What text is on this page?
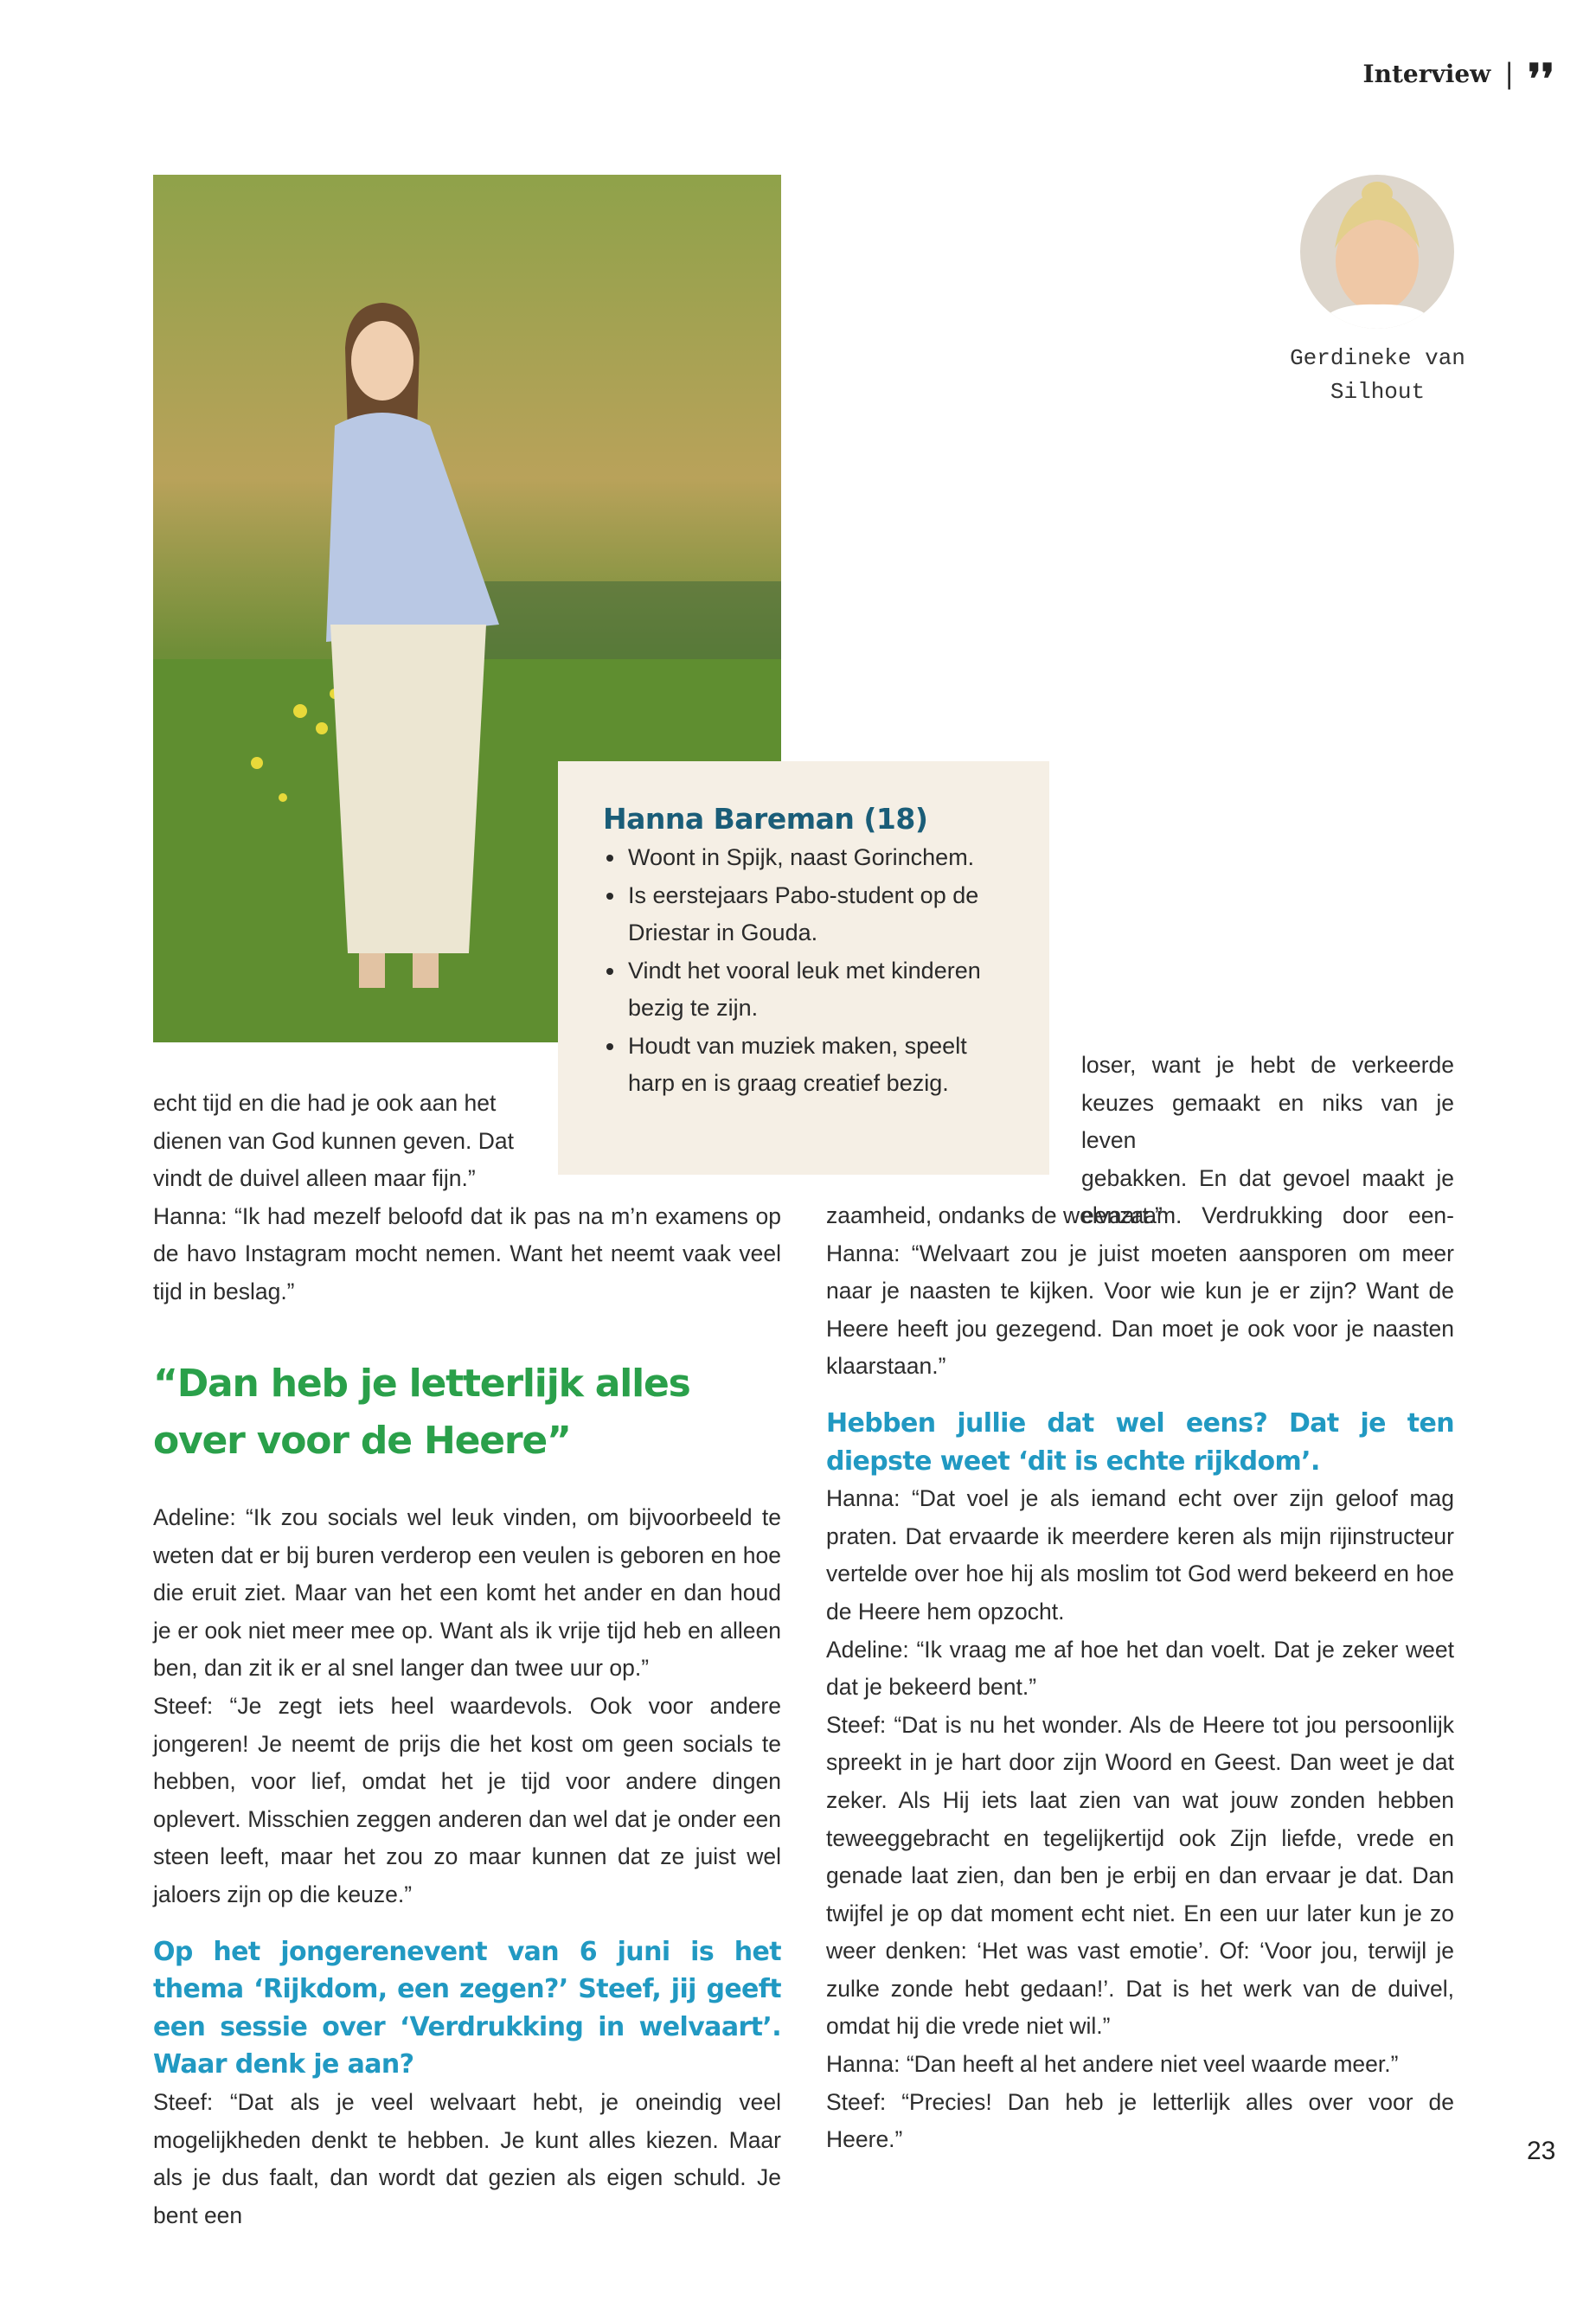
Interview | ❜❜
Gerdineke van Silhout

echt tijd en die had je ook aan het

dienen van God kunnen geven. Dat

vindt de duivel alleen maar fijn.”

Hanna: “Ik had mezelf beloofd dat ik pas na m’n examens op de havo Instagram mocht nemen. Want het neemt vaak veel tijd in beslag.”

“Dan heb je letterlijk alles over voor de Heere”

Adeline: “Ik zou socials wel leuk vinden, om bijvoorbeeld te weten dat er bij buren verderop een veulen is geboren en hoe die eruit ziet. Maar van het een komt het ander en dan houd je er ook niet meer mee op. Want als ik vrije tijd heb en alleen ben, dan zit ik er al snel langer dan twee uur op.”

Steef: “Je zegt iets heel waardevols. Ook voor andere jongeren! Je neemt de prijs die het kost om geen socials te hebben, voor lief, omdat het je tijd voor andere dingen oplevert. Misschien zeggen anderen dan wel dat je onder een steen leeft, maar het zou zo maar kunnen dat ze juist wel jaloers zijn op die keuze.”

Op het jongerenevent van 6 juni is het thema ‘Rijkdom, een zegen?’ Steef, jij geeft een sessie over ‘Verdrukking in welvaart’. Waar denk je aan?

Steef: “Dat als je veel welvaart hebt, je oneindig veel mogelijkheden denkt te hebben. Je kunt alles kiezen. Maar als je dus faalt, dan wordt dat gezien als eigen schuld. Je bent een

loser, want je hebt de verkeerde

keuzes gemaakt en niks van je leven

gebakken. En dat gevoel maakt je

eenzaam. Verdrukking door een-

zaamheid, ondanks de welvaart.”

Hanna: “Welvaart zou je juist moeten aansporen om meer naar je naasten te kijken. Voor wie kun je er zijn? Want de Heere heeft jou gezegend. Dan moet je ook voor je naasten klaarstaan.”

Hebben jullie dat wel eens? Dat je ten diepste weet ‘dit is echte rijkdom’.

Hanna: “Dat voel je als iemand echt over zijn geloof mag praten. Dat ervaarde ik meerdere keren als mijn rijinstructeur vertelde over hoe hij als moslim tot God werd bekeerd en hoe de Heere hem opzocht.

Adeline: “Ik vraag me af hoe het dan voelt. Dat je zeker weet dat je bekeerd bent.”

Steef: “Dat is nu het wonder. Als de Heere tot jou persoonlijk spreekt in je hart door zijn Woord en Geest. Dan weet je dat zeker. Als Hij iets laat zien van wat jouw zonden hebben teweeggebracht en tegelijkertijd ook Zijn liefde, vrede en genade laat zien, dan ben je erbij en dan ervaar je dat. Dan twijfel je op dat moment echt niet. En een uur later kun je zo weer denken: ‘Het was vast emotie’. Of: ‘Voor jou, terwijl je zulke zonde hebt gedaan!’. Dat is het werk van de duivel, omdat hij die vrede niet wil.”

Hanna: “Dan heeft al het andere niet veel waarde meer.”

Steef: “Precies! Dan heb je letterlijk alles over voor de Heere.”

Hanna Bareman (18)
• Woont in Spijk, naast Gorinchem.
• Is eerstejaars Pabo-student op de Driestar in Gouda.
• Vindt het vooral leuk met kinderen bezig te zijn.
• Houdt van muziek maken, speelt harp en is graag creatief bezig.
23
